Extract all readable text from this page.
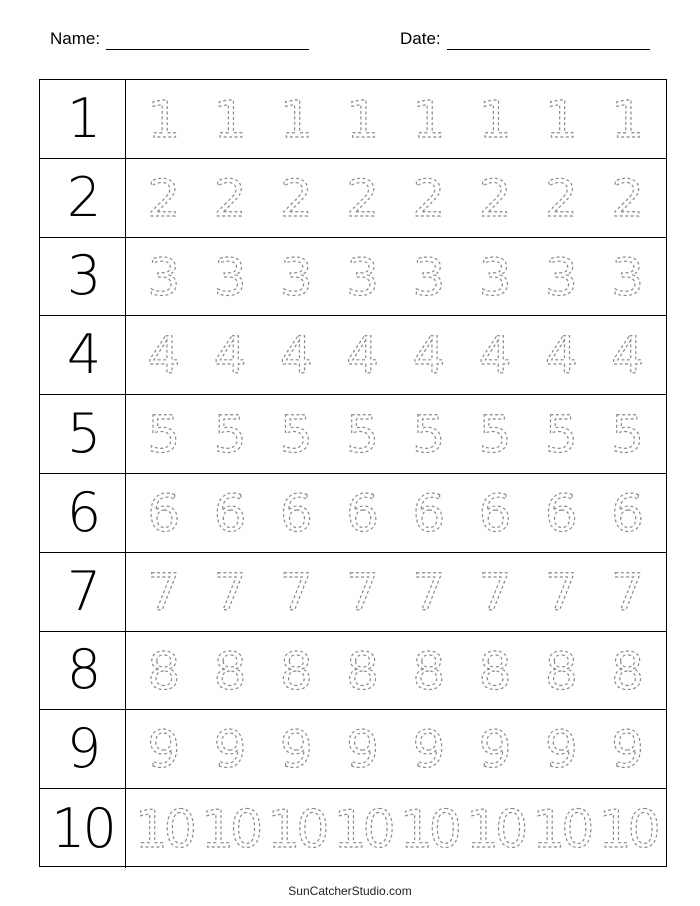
Name:	Date:
1 1 1 1 1 1 1 1 1
2 2 2 2 2 2 2 2 2
3 3 3 3 3 3 3 3 3
4 4 4 4 4 4 4 4 4
5 5 5 5 5 5 5 5 5
6 6 6 6 6 6 6 6 6
7 7 7 7 7 7 7 7 7
8 8 8 8 8 8 8 8 8
9 9 9 9 9 9 9 9 9
10 10 10 10 10 10 10 10 10
SunCatcherStudio.com
